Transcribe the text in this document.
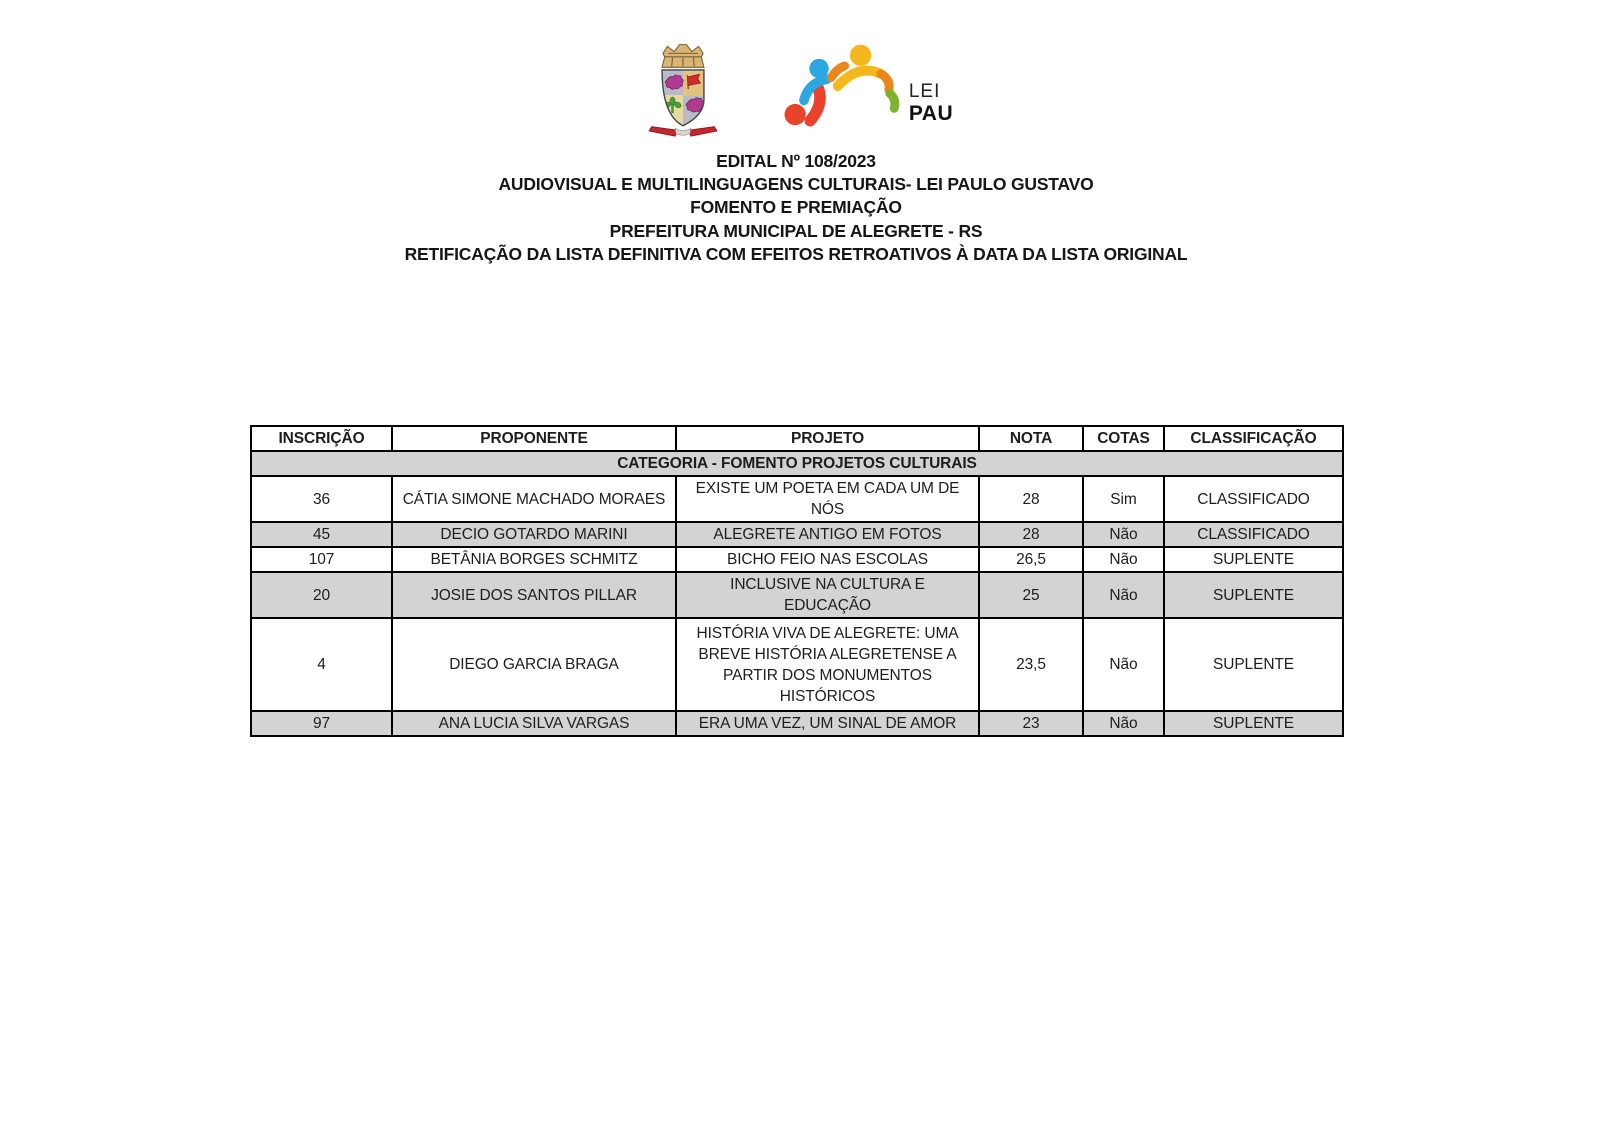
LEI
PAU
EDITAL Nº 108/2023
AUDIOVISUAL E MULTILINGUAGENS CULTURAIS- LEI PAULO GUSTAVO
FOMENTO E PREMIAÇÃO
PREFEITURA MUNICIPAL DE ALEGRETE - RS
RETIFICAÇÃO DA LISTA DEFINITIVA COM EFEITOS RETROATIVOS À DATA DA LISTA ORIGINAL
INSCRIÇÃO	PROPONENTE	PROJETO	NOTA	COTAS	CLASSIFICAÇÃO
CATEGORIA - FOMENTO PROJETOS CULTURAIS					
36	CÁTIA SIMONE MACHADO MORAES	EXISTE UM POETA EM CADA UM DE NÓS	28	Sim	CLASSIFICADO
45	DECIO GOTARDO MARINI	ALEGRETE ANTIGO EM FOTOS	28	Não	CLASSIFICADO
107	BETÂNIA BORGES SCHMITZ	BICHO FEIO NAS ESCOLAS	26,5	Não	SUPLENTE
20	JOSIE DOS SANTOS PILLAR	INCLUSIVE NA CULTURA E EDUCAÇÃO	25	Não	SUPLENTE
4	DIEGO GARCIA BRAGA	HISTÓRIA VIVA DE ALEGRETE: UMA BREVE HISTÓRIA ALEGRETENSE A PARTIR DOS MONUMENTOS HISTÓRICOS	23,5	Não	SUPLENTE
97	ANA LUCIA SILVA VARGAS	ERA UMA VEZ, UM SINAL DE AMOR	23	Não	SUPLENTE
